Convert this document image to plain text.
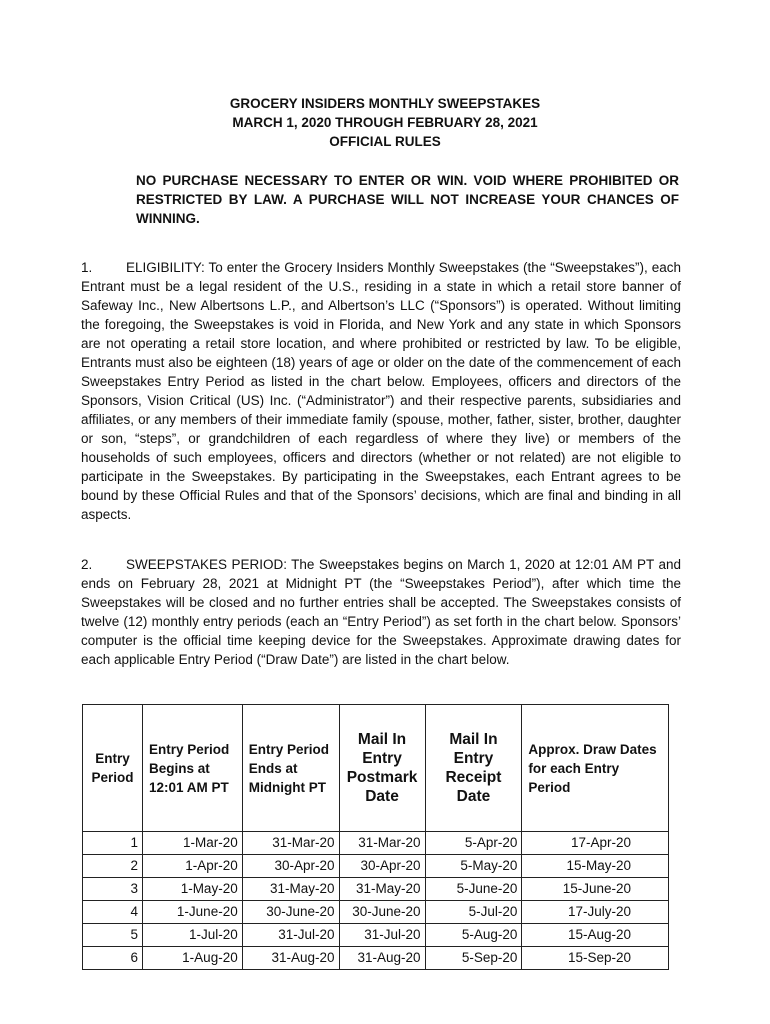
GROCERY INSIDERS MONTHLY SWEEPSTAKES
MARCH 1, 2020 THROUGH FEBRUARY 28, 2021
OFFICIAL RULES
NO PURCHASE NECESSARY TO ENTER OR WIN. VOID WHERE PROHIBITED OR RESTRICTED BY LAW. A PURCHASE WILL NOT INCREASE YOUR CHANCES OF WINNING.
1. ELIGIBILITY: To enter the Grocery Insiders Monthly Sweepstakes (the “Sweepstakes”), each Entrant must be a legal resident of the U.S., residing in a state in which a retail store banner of Safeway Inc., New Albertsons L.P., and Albertson’s LLC (“Sponsors”) is operated. Without limiting the foregoing, the Sweepstakes is void in Florida, and New York and any state in which Sponsors are not operating a retail store location, and where prohibited or restricted by law. To be eligible, Entrants must also be eighteen (18) years of age or older on the date of the commencement of each Sweepstakes Entry Period as listed in the chart below. Employees, officers and directors of the Sponsors, Vision Critical (US) Inc. (“Administrator”) and their respective parents, subsidiaries and affiliates, or any members of their immediate family (spouse, mother, father, sister, brother, daughter or son, “steps”, or grandchildren of each regardless of where they live) or members of the households of such employees, officers and directors (whether or not related) are not eligible to participate in the Sweepstakes. By participating in the Sweepstakes, each Entrant agrees to be bound by these Official Rules and that of the Sponsors’ decisions, which are final and binding in all aspects.
2. SWEEPSTAKES PERIOD: The Sweepstakes begins on March 1, 2020 at 12:01 AM PT and ends on February 28, 2021 at Midnight PT (the “Sweepstakes Period”), after which time the Sweepstakes will be closed and no further entries shall be accepted. The Sweepstakes consists of twelve (12) monthly entry periods (each an “Entry Period”) as set forth in the chart below. Sponsors’ computer is the official time keeping device for the Sweepstakes. Approximate drawing dates for each applicable Entry Period (“Draw Date”) are listed in the chart below.
Entry Period	Entry Period Begins at 12:01 AM PT	Entry Period Ends at Midnight PT	Mail In Entry Postmark Date	Mail In Entry Receipt Date	Approx. Draw Dates for each Entry Period
1	1-Mar-20	31-Mar-20	31-Mar-20	5-Apr-20	17-Apr-20
2	1-Apr-20	30-Apr-20	30-Apr-20	5-May-20	15-May-20
3	1-May-20	31-May-20	31-May-20	5-June-20	15-June-20
4	1-June-20	30-June-20	30-June-20	5-Jul-20	17-July-20
5	1-Jul-20	31-Jul-20	31-Jul-20	5-Aug-20	15-Aug-20
6	1-Aug-20	31-Aug-20	31-Aug-20	5-Sep-20	15-Sep-20
